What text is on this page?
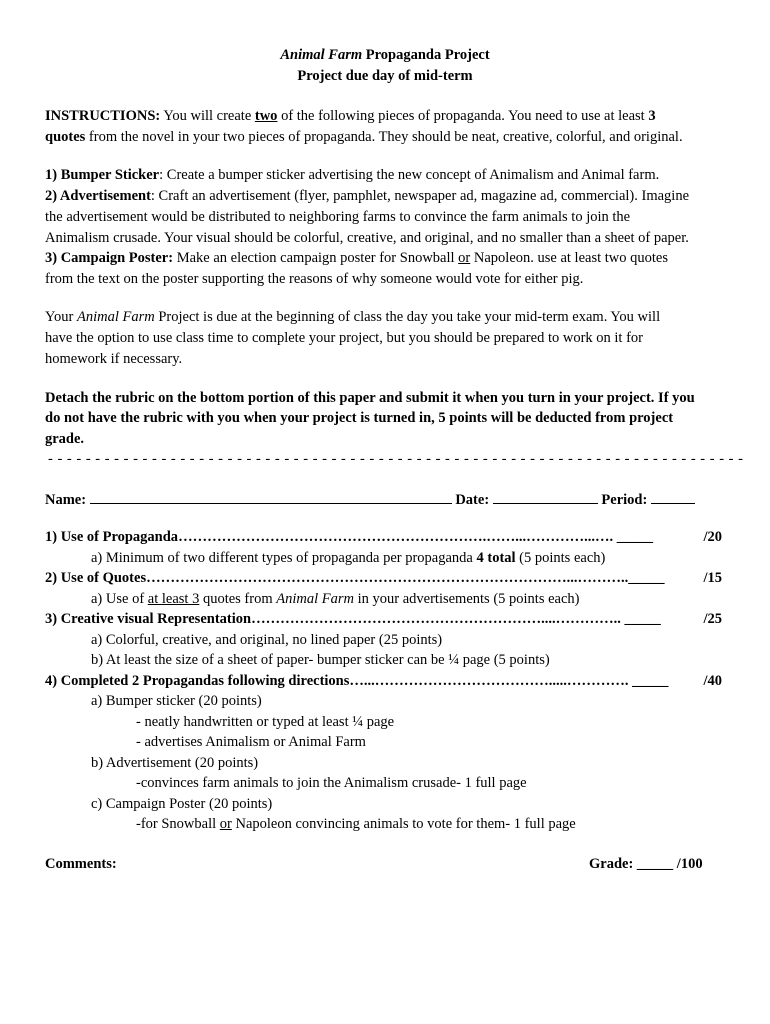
Animal Farm Propaganda Project
Project due day of mid-term
INSTRUCTIONS: You will create two of the following pieces of propaganda. You need to use at least 3
quotes from the novel in your two pieces of propaganda. They should be neat, creative, colorful, and original.
1) Bumper Sticker: Create a bumper sticker advertising the new concept of Animalism and Animal farm.
2) Advertisement: Craft an advertisement (flyer, pamphlet, newspaper ad, magazine ad, commercial). Imagine
the advertisement would be distributed to neighboring farms to convince the farm animals to join the
Animalism crusade. Your visual should be colorful, creative, and original, and no smaller than a sheet of paper.
3) Campaign Poster: Make an election campaign poster for Snowball or Napoleon. use at least two quotes
from the text on the poster supporting the reasons of why someone would vote for either pig.
Your Animal Farm Project is due at the beginning of class the day you take your mid-term exam. You will
have the option to use class time to complete your project, but you should be prepared to work on it for
homework if necessary.
Detach the rubric on the bottom portion of this paper and submit it when you turn in your project. If you
do not have the rubric with you when your project is turned in, 5 points will be deducted from project
grade.
- - - - - - - - - - - - - - - - - - - - - - - - - - - - - - - - - - - - - - - - - - - - - - - - - - - - - - - - - - - - - - - - - - - - - - - - - -
Name:	Date:	Period:
1) Use of Propaganda……………………………………………………….……...…………...…. _____	/20
a) Minimum of two different types of propaganda per propaganda 4 total (5 points each)
2) Use of Quotes……………………………………………………………………………...……….._____	/15
a) Use of at least 3 quotes from Animal Farm in your advertisements (5 points each)
3) Creative visual Representation……………………………………………………....………….. _____	/25
a) Colorful, creative, and original, no lined paper (25 points)
b) At least the size of a sheet of paper- bumper sticker can be ¼ page (5 points)
4) Completed 2 Propagandas following directions…...……………………………….....…………. _____ /40
a) Bumper sticker (20 points)
- neatly handwritten or typed at least ¼ page
- advertises Animalism or Animal Farm
b) Advertisement (20 points)
-convinces farm animals to join the Animalism crusade- 1 full page
c) Campaign Poster (20 points)
-for Snowball or Napoleon convincing animals to vote for them- 1 full page
Comments:	Grade: _____ /100
